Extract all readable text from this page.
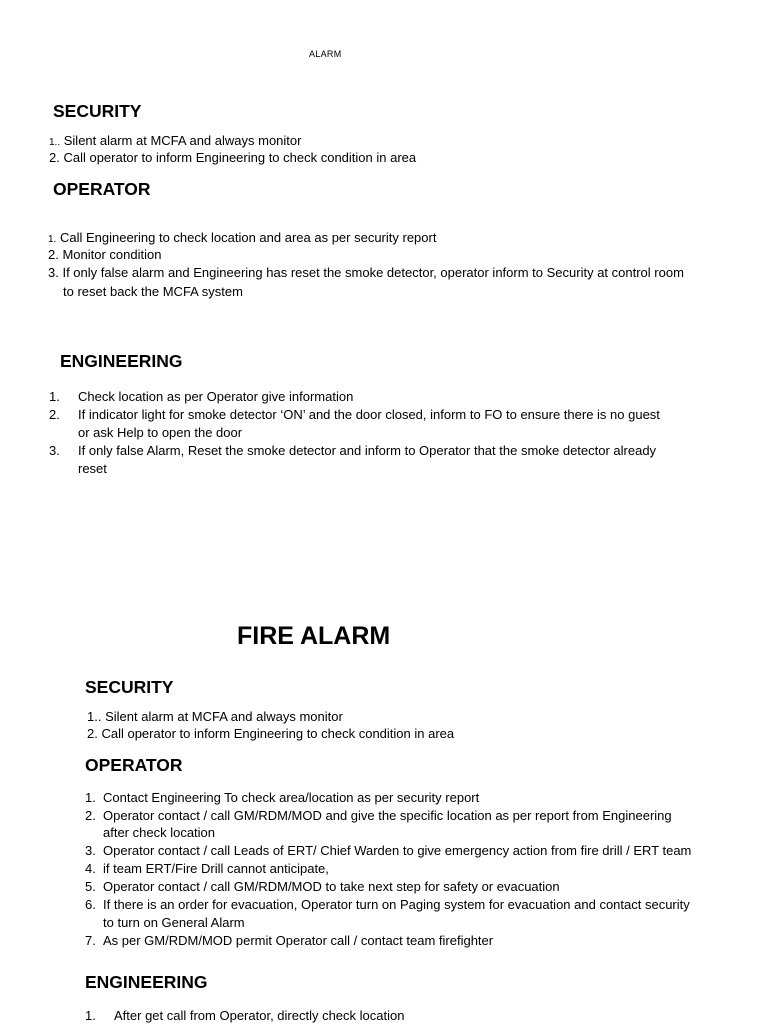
ALARM
SECURITY
1.. Silent alarm at MCFA and always monitor
2. Call operator to inform Engineering to check condition in area
OPERATOR
1. Call Engineering to check location and area as per security report
2. Monitor condition
3. If only false alarm and Engineering has reset the smoke detector, operator inform to Security at control room
to reset back the MCFA system
ENGINEERING
1. Check location as per Operator give information
2. If indicator light for smoke detector ‘ON’ and the door closed, inform to FO to ensure there is no guest
or ask Help to open the door
3. If only false Alarm, Reset the smoke detector and inform to Operator that the smoke detector already
reset
FIRE ALARM
SECURITY
1.. Silent alarm at MCFA and always monitor
2. Call operator to inform Engineering to check condition in area
OPERATOR
1. Contact Engineering To check area/location as per security report
2. Operator contact / call GM/RDM/MOD and give the specific location as per report from Engineering
after check location
3. Operator contact / call Leads of ERT/ Chief Warden to give emergency action from fire drill / ERT team
4. if team ERT/Fire Drill cannot anticipate,
5. Operator contact / call GM/RDM/MOD to take next step for safety or evacuation
6. If there is an order for evacuation, Operator turn on Paging system for evacuation and contact security
to turn on General Alarm
7. As per GM/RDM/MOD permit Operator call / contact team firefighter
ENGINEERING
1. After get call from Operator, directly check location
